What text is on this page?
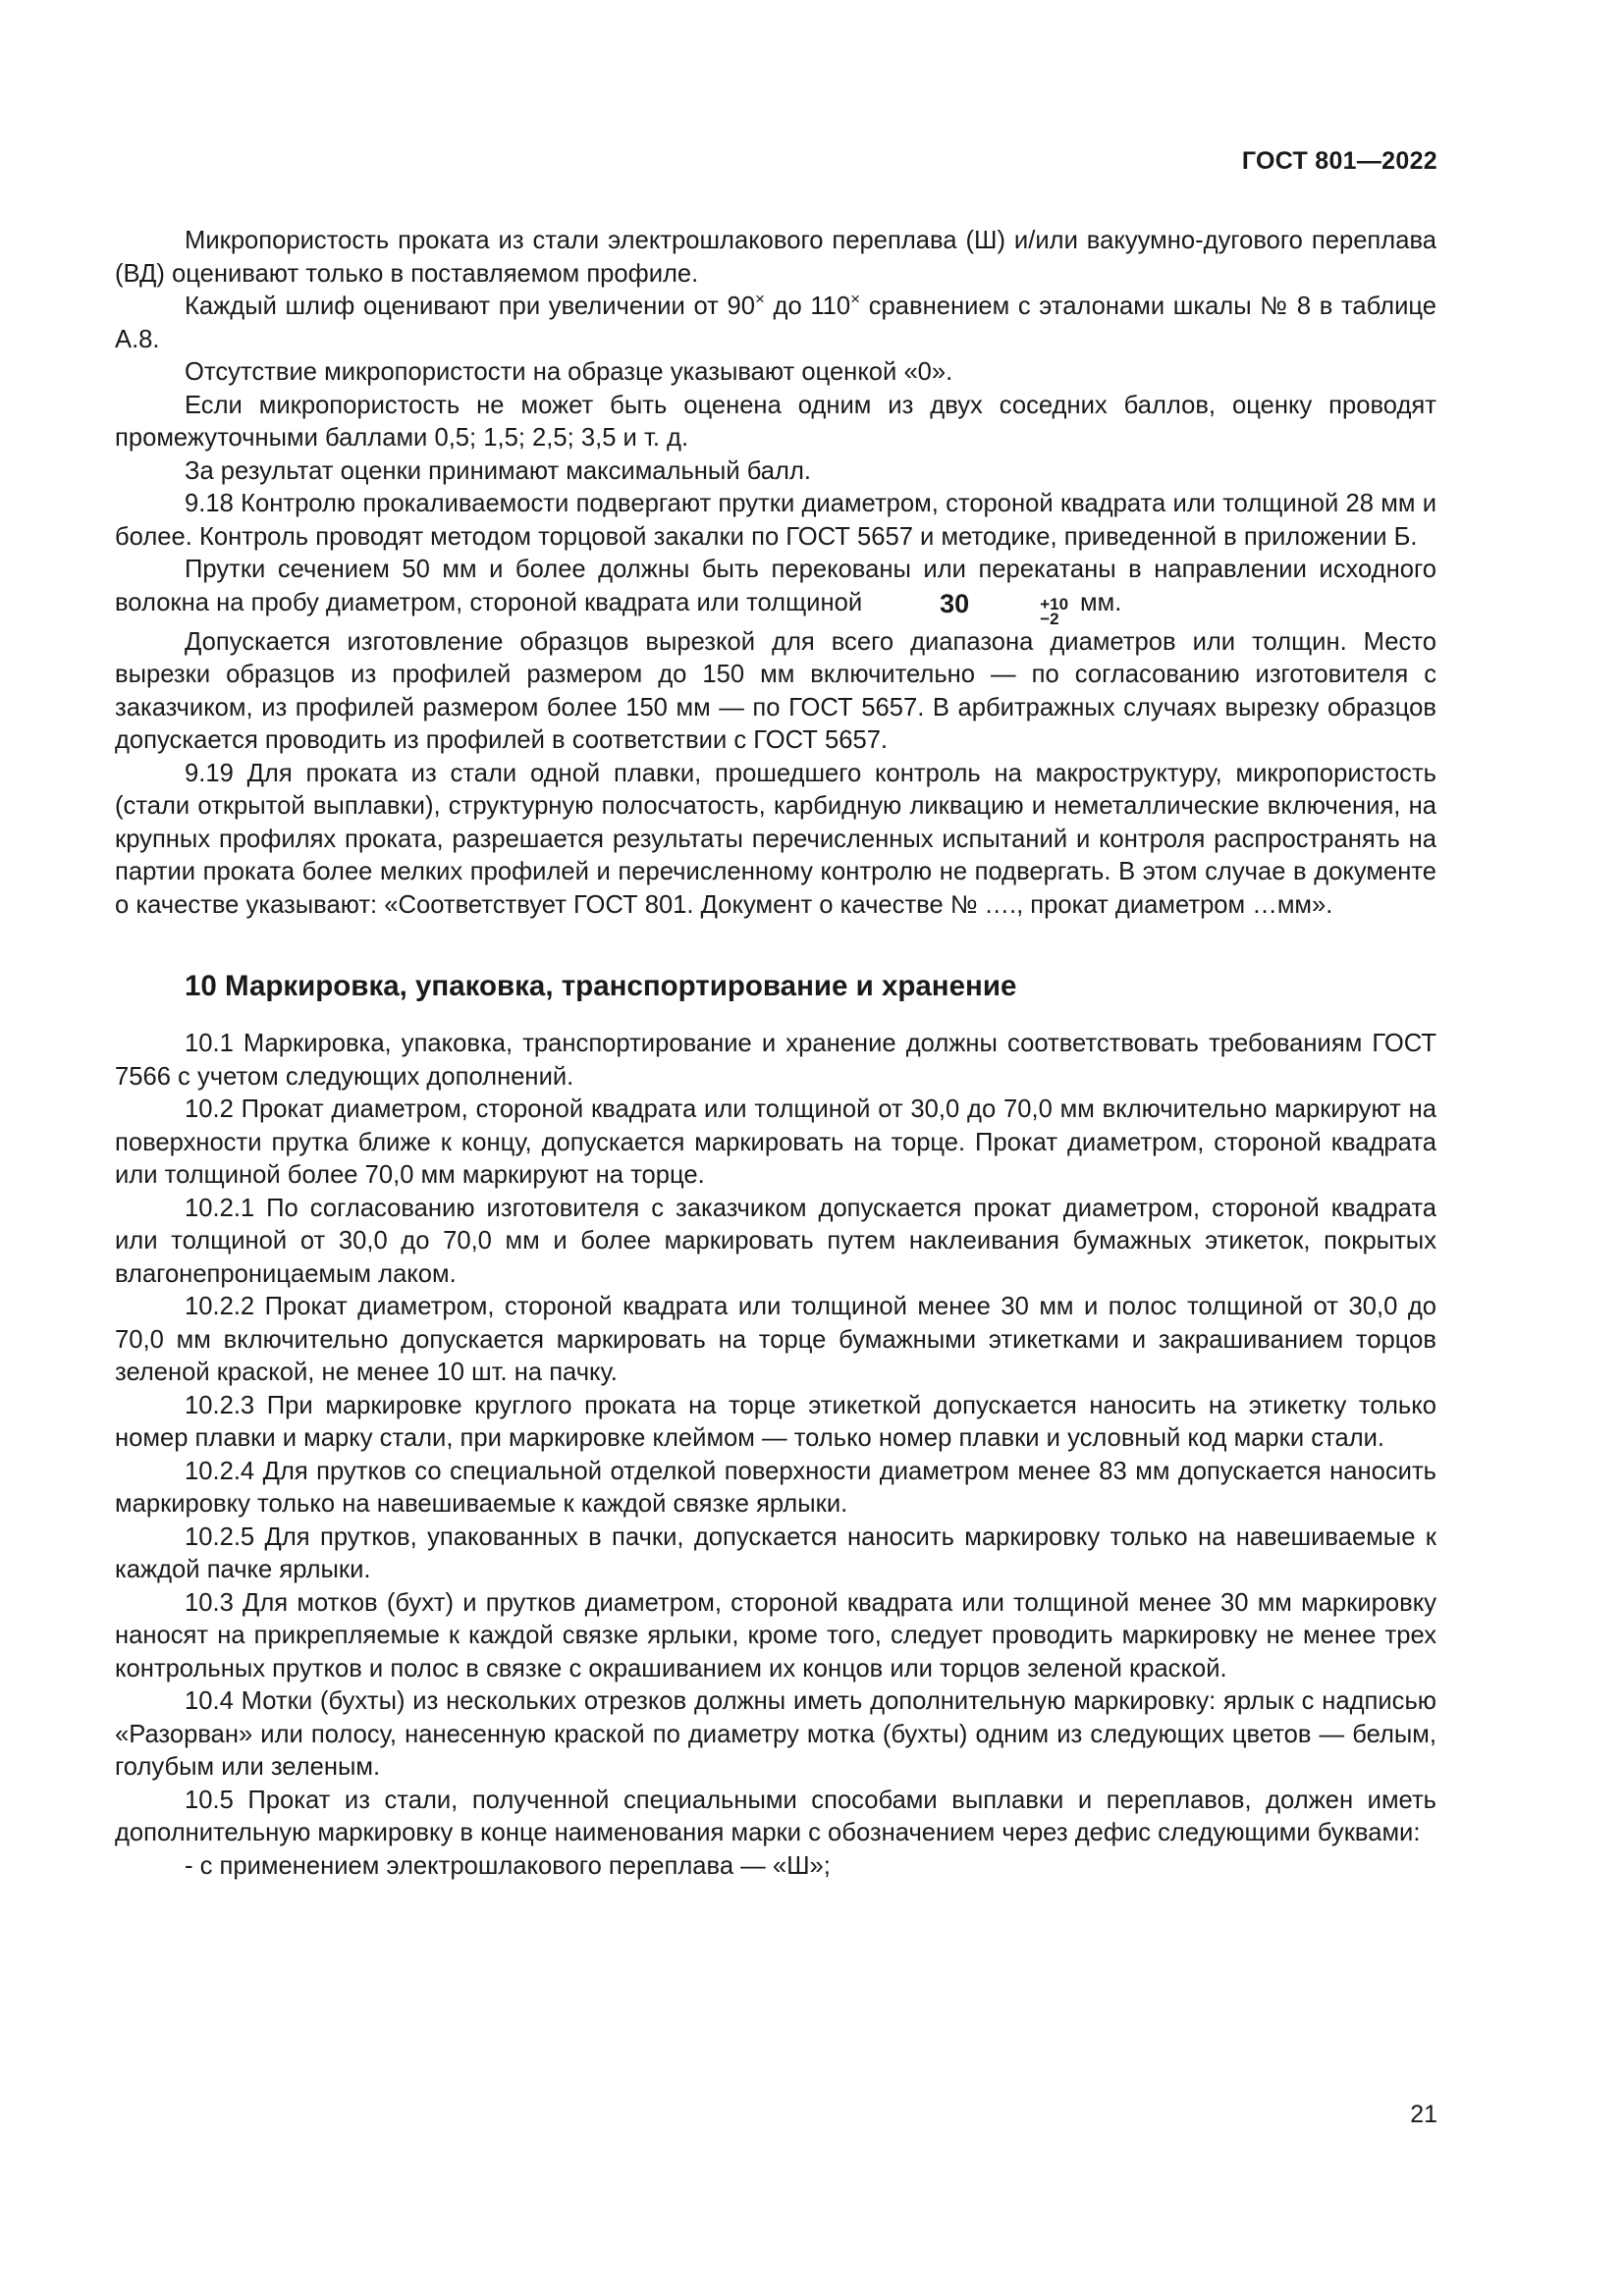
ГОСТ 801—2022

Микропористость проката из стали электрошлакового переплава (Ш) и/или вакуумно-дугового переплава (ВД) оценивают только в поставляемом профиле.

Каждый шлиф оценивают при увеличении от 90× до 110× сравнением с эталонами шкалы № 8 в таблице А.8.

Отсутствие микропористости на образце указывают оценкой «0».

Если микропористость не может быть оценена одним из двух соседних баллов, оценку проводят промежуточными баллами 0,5; 1,5; 2,5; 3,5 и т. д.

За результат оценки принимают максимальный балл.

9.18 Контролю прокаливаемости подвергают прутки диаметром, стороной квадрата или толщиной 28 мм и более. Контроль проводят методом торцовой закалки по ГОСТ 5657 и методике, приведенной в приложении Б.

Прутки сечением 50 мм и более должны быть перекованы или перекатаны в направлении исходного волокна на пробу диаметром, стороной квадрата или толщиной	30	+10
−2
мм.

Допускается изготовление образцов вырезкой для всего диапазона диаметров или толщин. Место вырезки образцов из профилей размером до 150 мм включительно — по согласованию изготовителя с заказчиком, из профилей размером более 150 мм — по ГОСТ 5657. В арбитражных случаях вырезку образцов допускается проводить из профилей в соответствии с ГОСТ 5657.

9.19 Для проката из стали одной плавки, прошедшего контроль на макроструктуру, микропористость (стали открытой выплавки), структурную полосчатость, карбидную ликвацию и неметаллические включения, на крупных профилях проката, разрешается результаты перечисленных испытаний и контроля распространять на партии проката более мелких профилей и перечисленному контролю не подвергать. В этом случае в документе о качестве указывают: «Соответствует ГОСТ 801. Документ о качестве № …., прокат диаметром …мм».

10 Маркировка, упаковка, транспортирование и хранение

10.1 Маркировка, упаковка, транспортирование и хранение должны соответствовать требованиям ГОСТ 7566 с учетом следующих дополнений.

10.2 Прокат диаметром, стороной квадрата или толщиной от 30,0 до 70,0 мм включительно маркируют на поверхности прутка ближе к концу, допускается маркировать на торце. Прокат диаметром, стороной квадрата или толщиной более 70,0 мм маркируют на торце.

10.2.1 По согласованию изготовителя с заказчиком допускается прокат диаметром, стороной квадрата или толщиной от 30,0 до 70,0 мм и более маркировать путем наклеивания бумажных этикеток, покрытых влагонепроницаемым лаком.

10.2.2 Прокат диаметром, стороной квадрата или толщиной менее 30 мм и полос толщиной от 30,0 до 70,0 мм включительно допускается маркировать на торце бумажными этикетками и закрашиванием торцов зеленой краской, не менее 10 шт. на пачку.

10.2.3 При маркировке круглого проката на торце этикеткой допускается наносить на этикетку только номер плавки и марку стали, при маркировке клеймом — только номер плавки и условный код марки стали.

10.2.4 Для прутков со специальной отделкой поверхности диаметром менее 83 мм допускается наносить маркировку только на навешиваемые к каждой связке ярлыки.

10.2.5 Для прутков, упакованных в пачки, допускается наносить маркировку только на навешиваемые к каждой пачке ярлыки.

10.3 Для мотков (бухт) и прутков диаметром, стороной квадрата или толщиной менее 30 мм маркировку наносят на прикрепляемые к каждой связке ярлыки, кроме того, следует проводить маркировку не менее трех контрольных прутков и полос в связке с окрашиванием их концов или торцов зеленой краской.

10.4 Мотки (бухты) из нескольких отрезков должны иметь дополнительную маркировку: ярлык с надписью «Разорван» или полосу, нанесенную краской по диаметру мотка (бухты) одним из следующих цветов — белым, голубым или зеленым.

10.5 Прокат из стали, полученной специальными способами выплавки и переплавов, должен иметь дополнительную маркировку в конце наименования марки с обозначением через дефис следующими буквами:

- с применением электрошлакового переплава — «Ш»;

21
